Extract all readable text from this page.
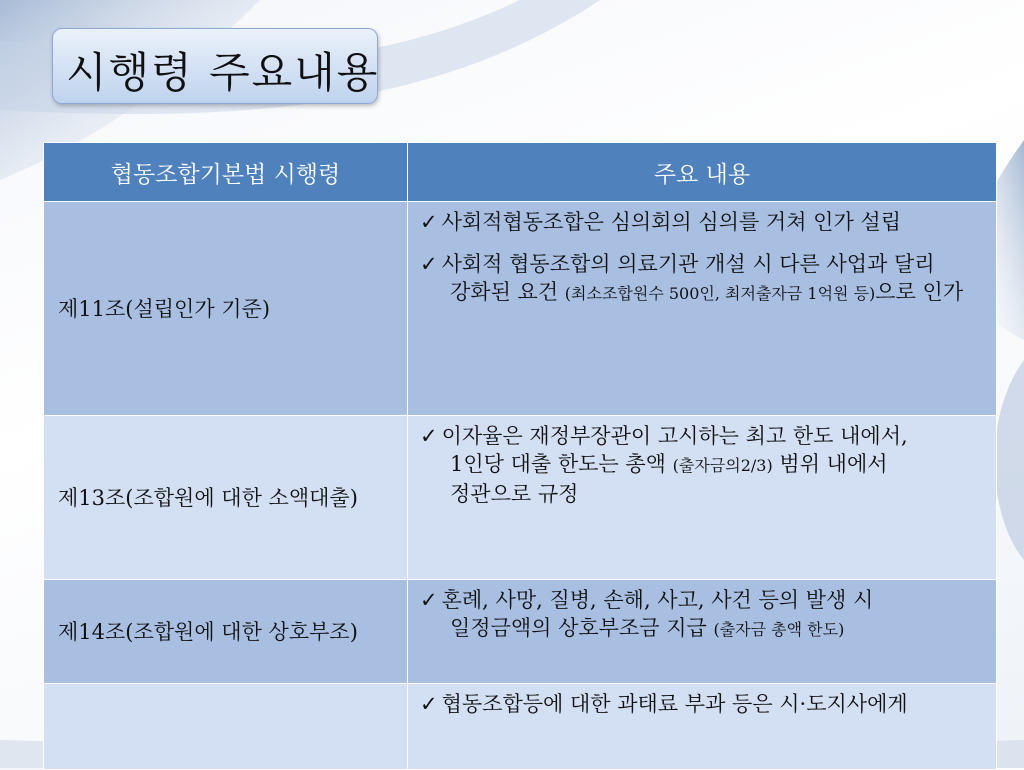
시행령 주요내용
협동조합기본법 시행령	주요 내용
제11조(설립인가 기준)	✓ 사회적협동조합은 심의회의 심의를 거쳐 인가 설립
✓ 사회적 협동조합의 의료기관 개설 시 다른 사업과 달리
강화된 요건 (최소조합원수 500인, 최저출자금 1억원 등)으로 인가

제13조(조합원에 대한 소액대출)	✓ 이자율은 재정부장관이 고시하는 최고 한도 내에서,
1인당 대출 한도는 총액 (출자금의2/3) 범위 내에서
정관으로 규정

제14조(조합원에 대한 상호부조)	✓ 혼례, 사망, 질병, 손해, 사고, 사건 등의 발생 시
일정금액의 상호부조금 지급 (출자금 총액 한도)

	✓ 협동조합등에 대한 과태료 부과 등은 시·도지사에게
